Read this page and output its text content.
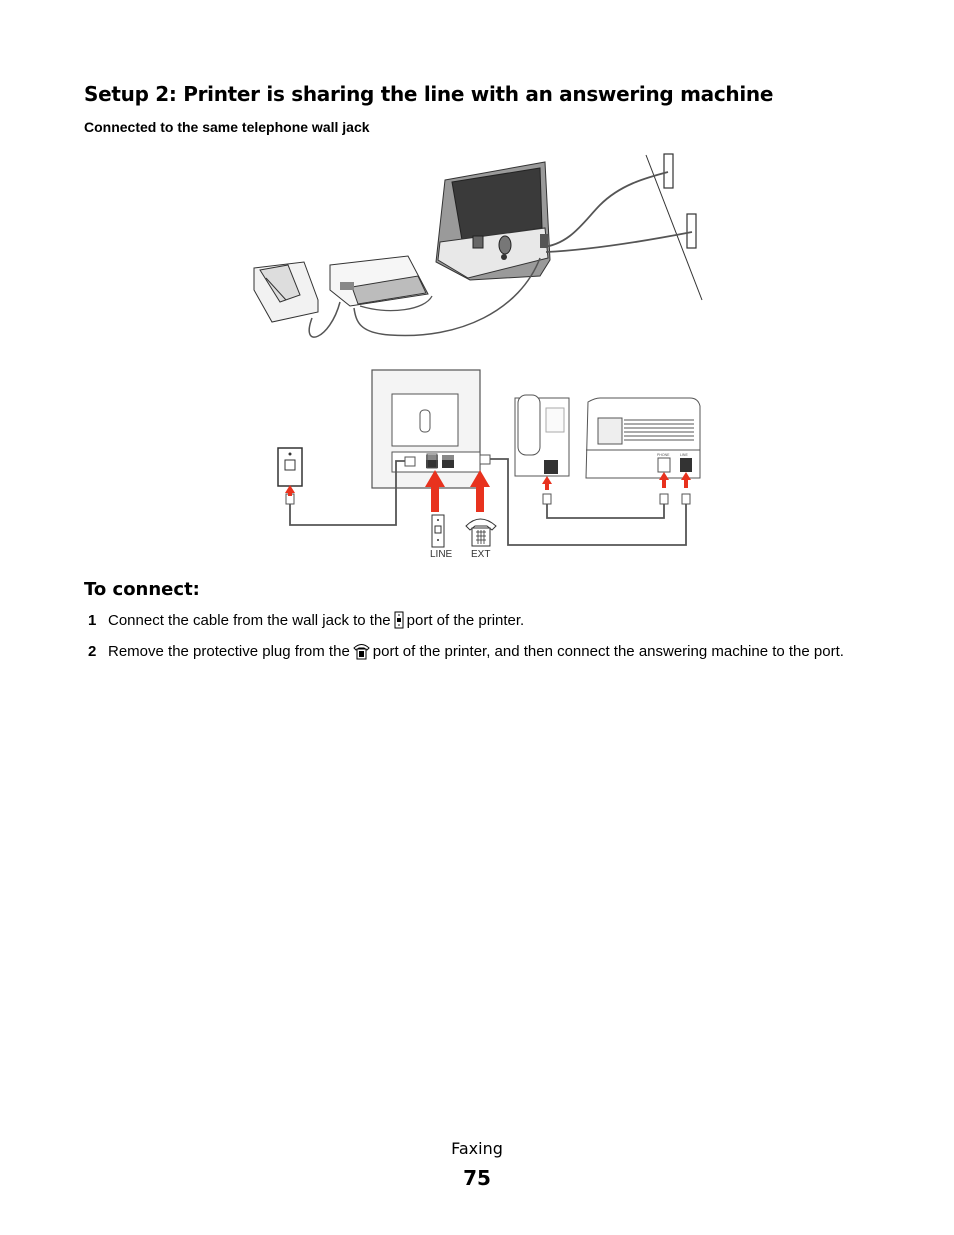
Setup 2: Printer is sharing the line with an answering machine
Connected to the same telephone wall jack
PHONE	LINE
LINE EXT
To connect:
1 Connect the cable from the wall jack to the port of the printer.
2 Remove the protective plug from the port of the printer, and then connect the answering machine to the port.
Faxing
75
